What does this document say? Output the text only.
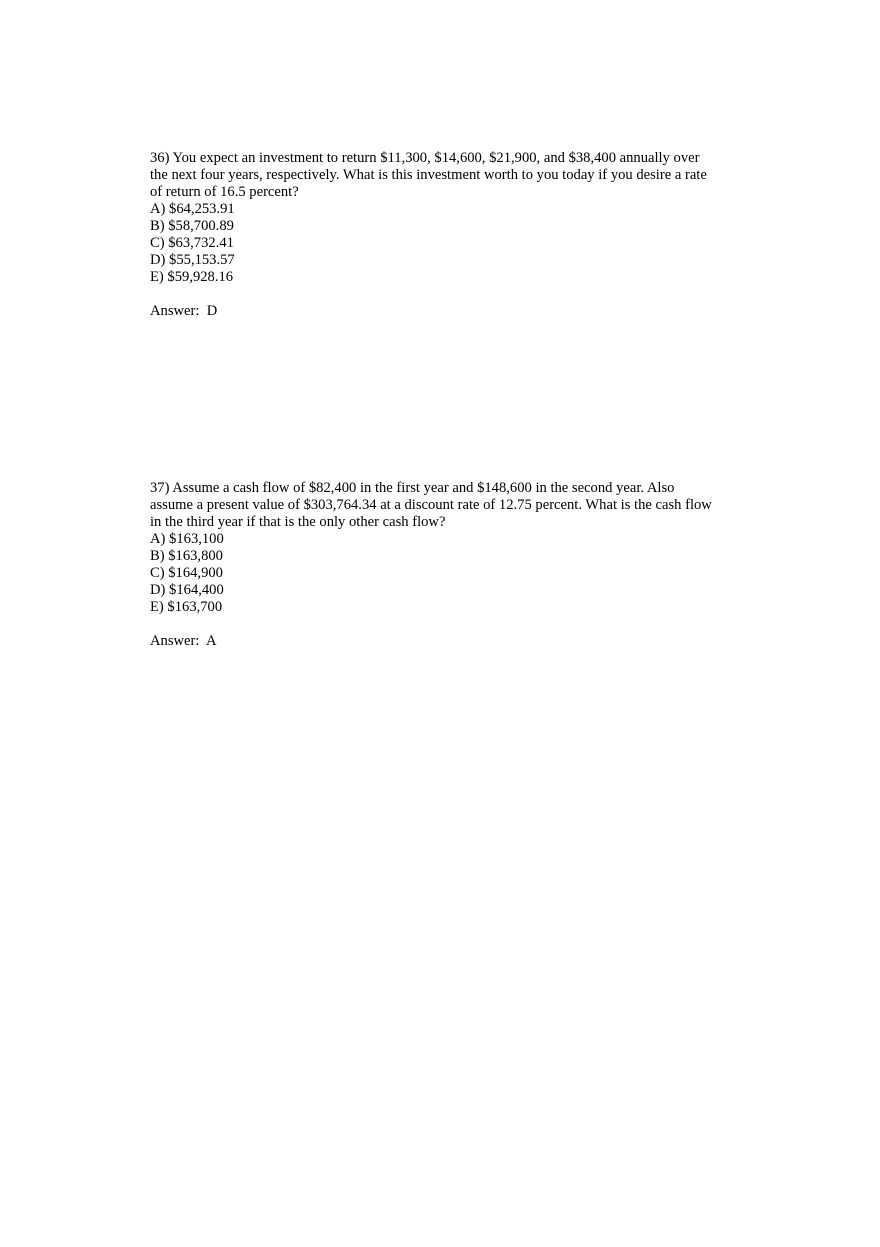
36) You expect an investment to return $11,300, $14,600, $21,900, and $38,400 annually over
the next four years, respectively. What is this investment worth to you today if you desire a rate
of return of 16.5 percent?
A) $64,253.91
B) $58,700.89
C) $63,732.41
D) $55,153.57
E) $59,928.16
Answer:  D
37) Assume a cash flow of $82,400 in the first year and $148,600 in the second year. Also
assume a present value of $303,764.34 at a discount rate of 12.75 percent. What is the cash flow
in the third year if that is the only other cash flow?
A) $163,100
B) $163,800
C) $164,900
D) $164,400
E) $163,700
Answer:  A
